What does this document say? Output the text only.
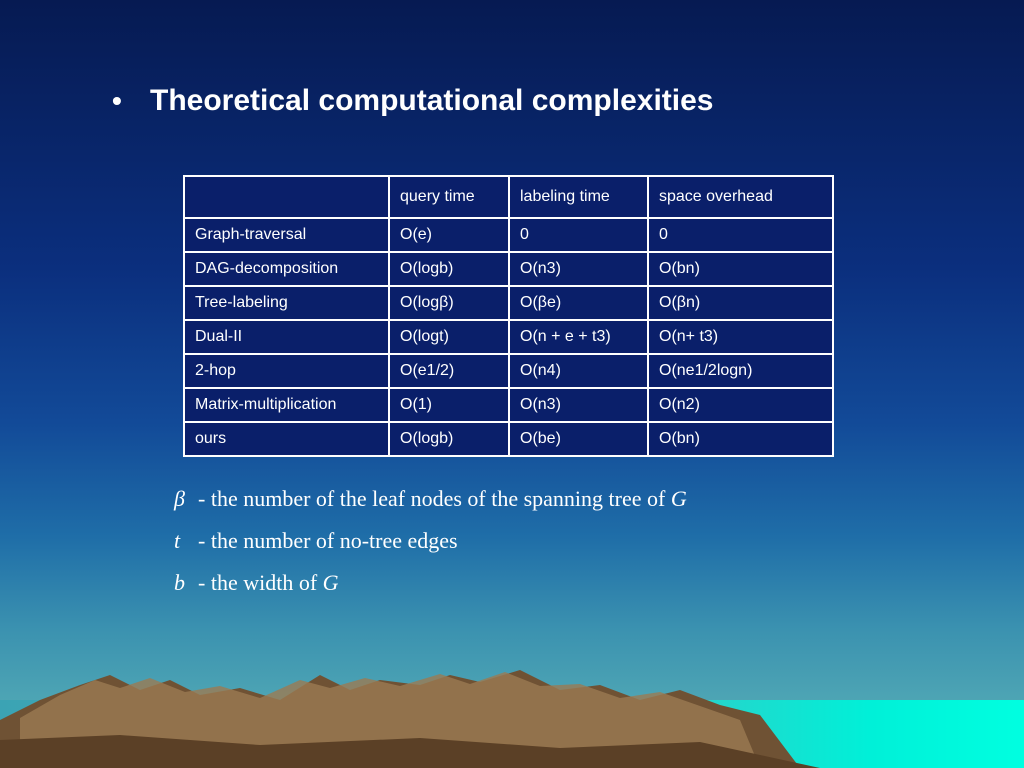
• Theoretical computational complexities
	query time	labeling time	space overhead
Graph-traversal	O(e)	0	0
DAG-decomposition	O(logb)	O(n3)	O(bn)
Tree-labeling	O(logβ)	O(βe)	O(βn)
Dual-II	O(logt)	O(n + e + t3)	O(n+ t3)
2-hop	O(e1/2)	O(n4)	O(ne1/2logn)
Matrix-multiplication	O(1)	O(n3)	O(n2)
ours	O(logb)	O(be)	O(bn)
β - the number of the leaf nodes of the spanning tree of G
t - the number of no-tree edges
b - the width of G
